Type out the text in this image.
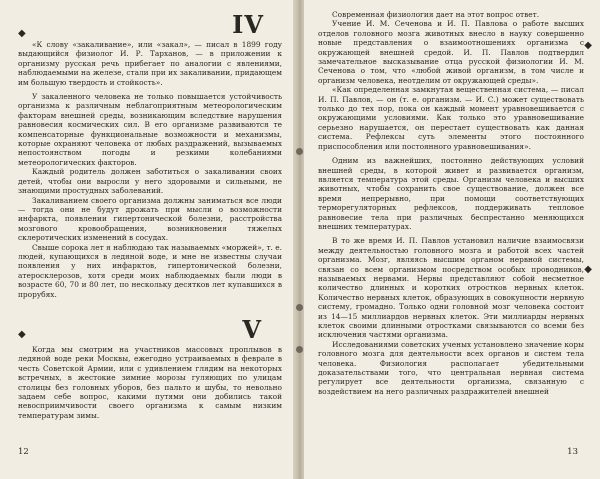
◆	IV

«К слову «закаливание», или «закал», — писал в 1899 году выдающийся физиолог И. Р. Тарханов, — в приложении к организму русская речь прибегает по аналогии с явлениями, наблюдаемыми на железе, стали при их закаливании, придающем им большую твердость и стойкость».

У закаленного человека не только повышается устойчивость организма к различным неблагоприятным метеорологическим факторам внешней среды, возникающим вследствие нарушения равновесия космических сил. В его организме развиваются те компенсаторные функциональные возможности и механизмы, которые охраняют человека от любых раздражений, вызываемых непостоянством погоды и резкими колебаниями метеорологических факторов.

Каждый родитель должен заботиться о закаливании своих детей, чтобы они выросли у него здоровыми и сильными, не знающими простудных заболеваний.

Закаливанием своего организма должны заниматься все люди — тогда они не будут дрожать при мысли о возможности инфаркта, появлении гипертонической болезни, расстройства мозгового кровообращения, возникновения тяжелых склеротических изменений в сосудах.

Свыше сорока лет я наблюдаю так называемых «моржей», т. е. людей, купающихся в ледяной воде, и мне не известны случаи появления у них инфарктов, гипертонической болезни, атеросклерозов, хотя среди моих наблюдаемых были люди в возрасте 60, 70 и 80 лет, по нескольку десятков лет купавшихся в прорубях.

◆	V

Когда мы смотрим на участников массовых проплывов в ледяной воде реки Москвы, ежегодно устраиваемых в феврале в честь Советской Армии, или с удивлением глядим на некоторых встречных, в жестокие зимние морозы гуляющих по улицам столицы без головных уборов, без пальто и шубы, то невольно задаем себе вопрос, какими путями они добились такой невосприимчивости своего организма к самым низким температурам зимы.

12

Современная физиология дает на этот вопрос ответ.

Учение И. М. Сеченова и И. П. Павлова о работе высших отделов головного мозга животных внесло в науку совершенно новые представления о взаимоотношениях организма с окружающей внешней средой. И. П. Павлов подтвердил замечательное высказывание отца русской физиологии И. М. Сеченова о том, что «любой живой организм, в том числе и организм человека, неотделим от окружающей среды».

◆

«Как определенная замкнутая вещественная система, — писал И. П. Павлов, — он (т. е. организм. — И. С.) может существовать только до тех пор, пока он каждый момент уравновешивается с окружающими условиями. Как только это уравновешивание серьезно нарушается, он перестает существовать как данная система. Рефлексы суть элементы этого постоянного приспособления или постоянного уравновешивания».

Одним из важнейших, постоянно действующих условий внешней среды, в которой живет и развивается организм, является температура этой среды. Организм человека и высших животных, чтобы сохранить свое существование, должен все время непрерывно, при помощи соответствующих терморегуляторных рефлексов, поддерживать тепловое равновесие тела при различных беспрестанно меняющихся внешних температурах.

◆

В то же время И. П. Павлов установил наличие взаимосвязи между деятельностью головного мозга и работой всех частей организма. Мозг, являясь высшим органом нервной системы, связан со всем организмом посредством особых проводников, называемых нервами. Нервы представляют собой несметное количество длинных и коротких отростков нервных клеток. Количество нервных клеток, образующих в совокупности нервную систему, громадно. Только одни головной мозг человека состоит из 14—15 миллиардов нервных клеток. Эти миллиарды нервных клеток своими длинными отростками связываются со всеми без исключения частями организма.

Исследованиями советских ученых установлено значение коры головного мозга для деятельности всех органов и систем тела человека. Физиология располагает убедительными доказательствами того, что центральная нервная система регулирует все деятельности организма, связанную с воздействием на него различных раздражителей внешней

13
